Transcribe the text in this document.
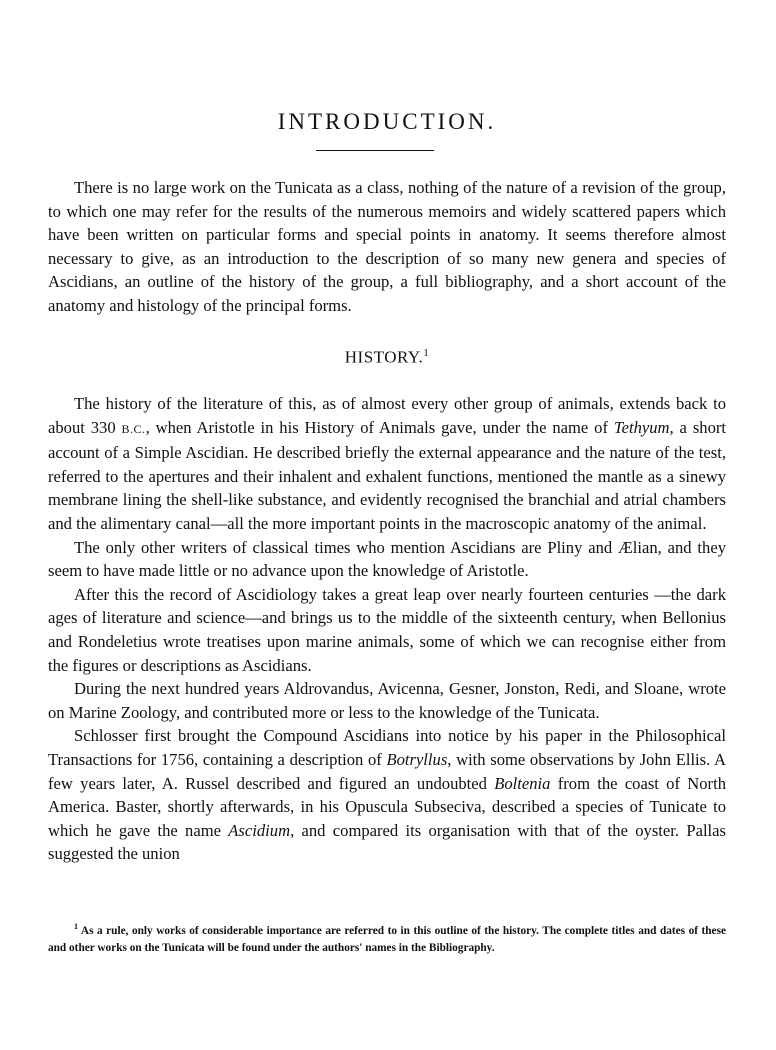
INTRODUCTION.

There is no large work on the Tunicata as a class, nothing of the nature of a revision of the group, to which one may refer for the results of the numerous memoirs and widely scattered papers which have been written on particular forms and special points in anatomy. It seems therefore almost necessary to give, as an introduction to the description of so many new genera and species of Ascidians, an outline of the history of the group, a full bibliography, and a short account of the anatomy and histology of the principal forms.

HISTORY.$^1$

The history of the literature of this, as of almost every other group of animals, extends back to about 330 B.C., when Aristotle in his History of Animals gave, under the name of Tethyum, a short account of a Simple Ascidian. He described briefly the external appearance and the nature of the test, referred to the apertures and their inhalent and exhalent functions, mentioned the mantle as a sinewy membrane lining the shell-like substance, and evidently recognised the branchial and atrial chambers and the alimentary canal—all the more important points in the macroscopic anatomy of the animal.

The only other writers of classical times who mention Ascidians are Pliny and Ælian, and they seem to have made little or no advance upon the knowledge of Aristotle.

After this the record of Ascidiology takes a great leap over nearly fourteen centuries —the dark ages of literature and science—and brings us to the middle of the sixteenth century, when Bellonius and Rondeletius wrote treatises upon marine animals, some of which we can recognise either from the figures or descriptions as Ascidians.

During the next hundred years Aldrovandus, Avicenna, Gesner, Jonston, Redi, and Sloane, wrote on Marine Zoology, and contributed more or less to the knowledge of the Tunicata.

Schlosser first brought the Compound Ascidians into notice by his paper in the Philosophical Transactions for 1756, containing a description of Botryllus, with some observations by John Ellis. A few years later, A. Russel described and figured an undoubted Boltenia from the coast of North America. Baster, shortly afterwards, in his Opuscula Subseciva, described a species of Tunicate to which he gave the name Ascidium, and compared its organisation with that of the oyster. Pallas suggested the union

$^1$ As a rule, only works of considerable importance are referred to in this outline of the history. The complete titles and dates of these and other works on the Tunicata will be found under the authors' names in the Bibliography.
